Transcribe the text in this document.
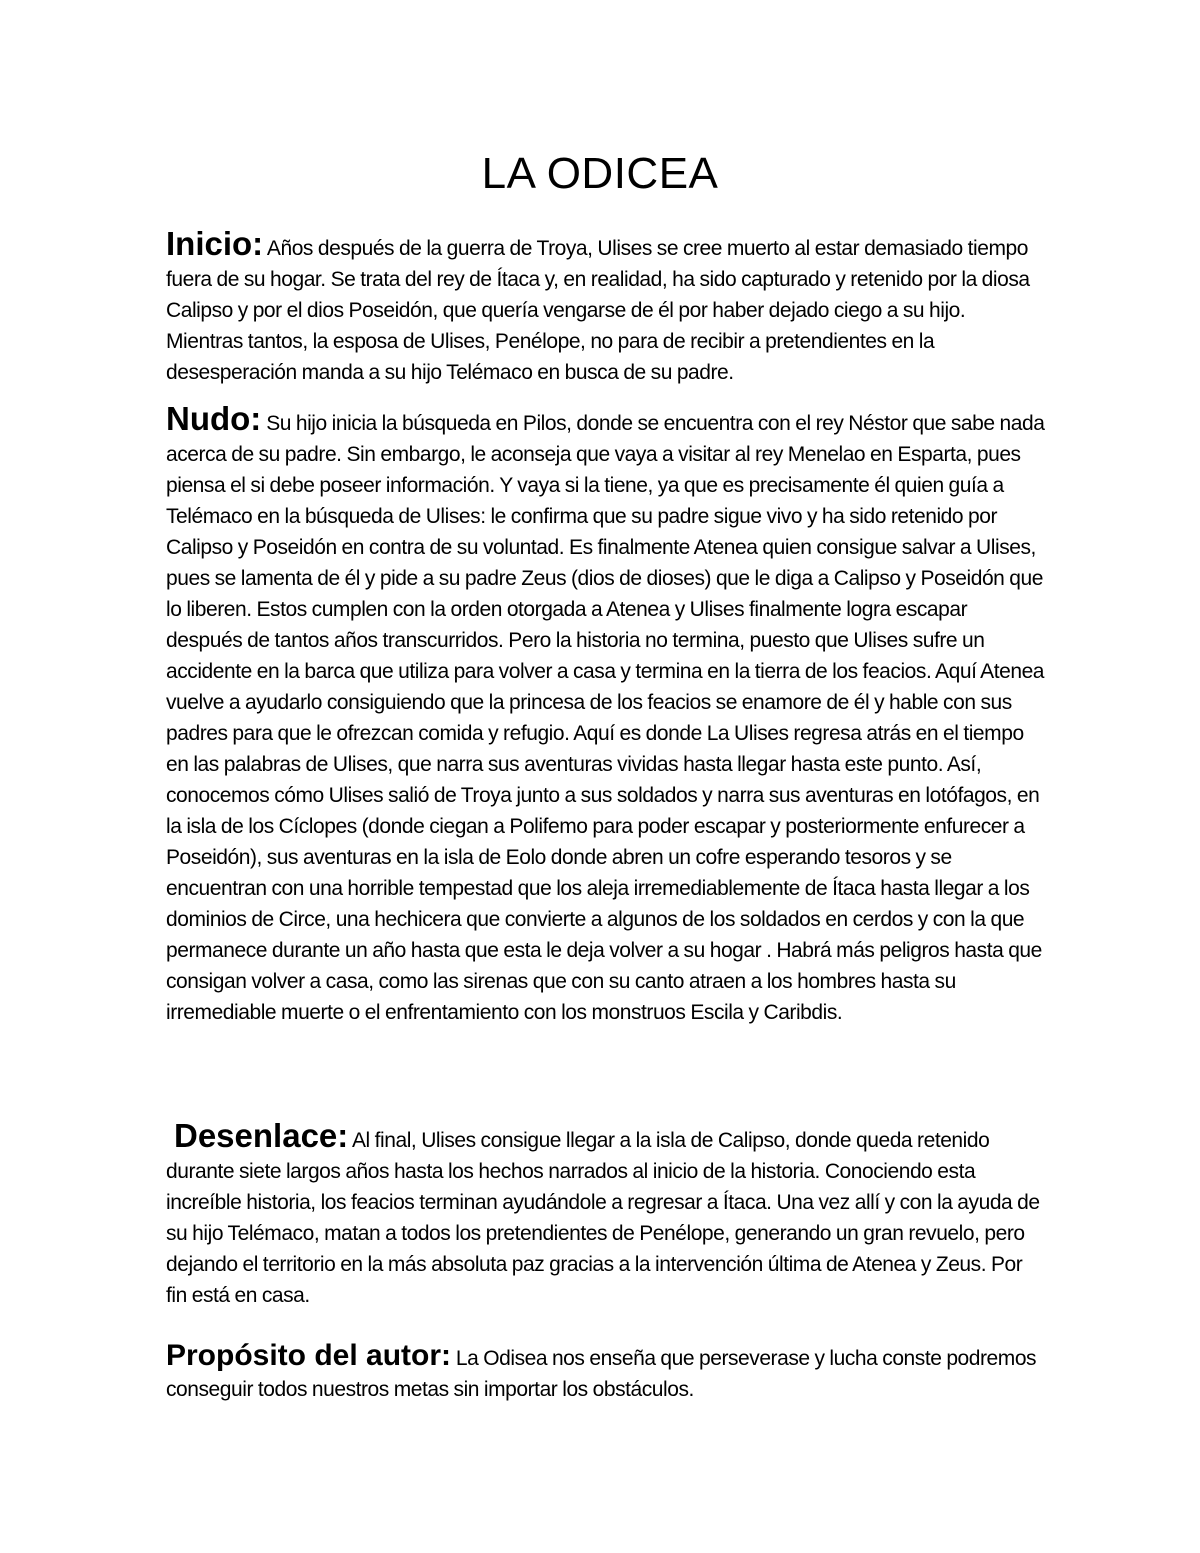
LA ODICEA
Inicio: Años después de la guerra de Troya, Ulises se cree muerto al estar demasiado tiempo fuera de su hogar. Se trata del rey de Ítaca y, en realidad, ha sido capturado y retenido por la diosa Calipso y por el dios Poseidón, que quería vengarse de él por haber dejado ciego a su hijo. Mientras tantos, la esposa de Ulises, Penélope, no para de recibir a pretendientes en la desesperación manda a su hijo Telémaco en busca de su padre.
Nudo: Su hijo inicia la búsqueda en Pilos, donde se encuentra con el rey Néstor que sabe nada acerca de su padre. Sin embargo, le aconseja que vaya a visitar al rey Menelao en Esparta, pues piensa el si debe poseer información. Y vaya si la tiene, ya que es precisamente él quien guía a Telémaco en la búsqueda de Ulises: le confirma que su padre sigue vivo y ha sido retenido por Calipso y Poseidón en contra de su voluntad. Es finalmente Atenea quien consigue salvar a Ulises, pues se lamenta de él y pide a su padre Zeus (dios de dioses) que le diga a Calipso y Poseidón que lo liberen. Estos cumplen con la orden otorgada a Atenea y Ulises finalmente logra escapar después de tantos años transcurridos. Pero la historia no termina, puesto que Ulises sufre un accidente en la barca que utiliza para volver a casa y termina en la tierra de los feacios. Aquí Atenea vuelve a ayudarlo consiguiendo que la princesa de los feacios se enamore de él y hable con sus padres para que le ofrezcan comida y refugio. Aquí es donde La Ulises regresa atrás en el tiempo en las palabras de Ulises, que narra sus aventuras vividas hasta llegar hasta este punto. Así, conocemos cómo Ulises salió de Troya junto a sus soldados y narra sus aventuras en lotófagos, en la isla de los Cíclopes (donde ciegan a Polifemo para poder escapar y posteriormente enfurecer a Poseidón), sus aventuras en la isla de Eolo donde abren un cofre esperando tesoros y se encuentran con una horrible tempestad que los aleja irremediablemente de Ítaca hasta llegar a los dominios de Circe, una hechicera que convierte a algunos de los soldados en cerdos y con la que permanece durante un año hasta que esta le deja volver a su hogar . Habrá más peligros hasta que consigan volver a casa, como las sirenas que con su canto atraen a los hombres hasta su irremediable muerte o el enfrentamiento con los monstruos Escila y Caribdis.
Desenlace: Al final, Ulises consigue llegar a la isla de Calipso, donde queda retenido durante siete largos años hasta los hechos narrados al inicio de la historia. Conociendo esta increíble historia, los feacios terminan ayudándole a regresar a Ítaca. Una vez allí y con la ayuda de su hijo Telémaco, matan a todos los pretendientes de Penélope, generando un gran revuelo, pero dejando el territorio en la más absoluta paz gracias a la intervención última de Atenea y Zeus. Por fin está en casa.
Propósito del autor: La Odisea nos enseña que perseverase y lucha conste podremos conseguir todos nuestros metas sin importar los obstáculos.
